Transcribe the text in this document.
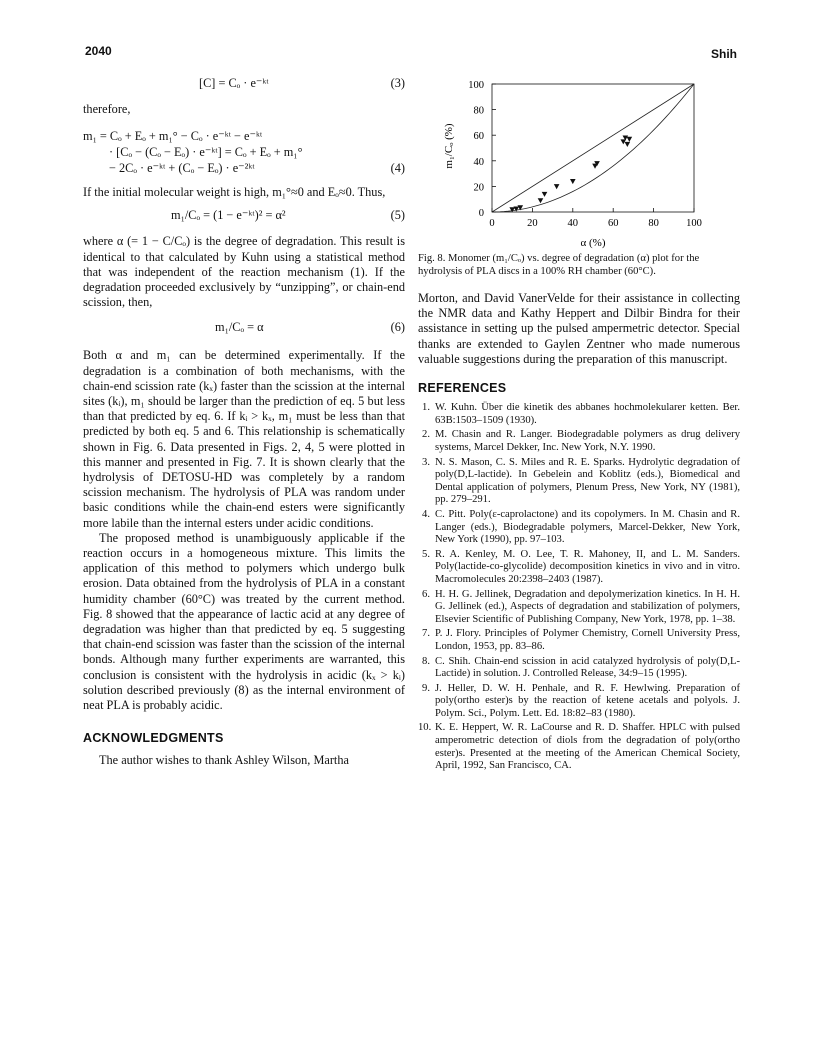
2040	Shih
[C] = Cₒ · e⁻ᵏᵗ	(3)

therefore,

m₁ = Cₒ + Eₒ + m₁° − Cₒ · e⁻ᵏᵗ − e⁻ᵏᵗ
· [Cₒ − (Cₒ − Eₒ) · e⁻ᵏᵗ] = Cₒ + Eₒ + m₁°
− 2Cₒ · e⁻ᵏᵗ + (Cₒ − Eₒ) · e⁻²ᵏᵗ	(4)

If the initial molecular weight is high, m₁°≈0 and Eₒ≈0. Thus,

m₁/Cₒ = (1 − e⁻ᵏᵗ)² = α²	(5)

where α (= 1 − C/Cₒ) is the degree of degradation. This result is identical to that calculated by Kuhn using a statistical method that was independent of the reaction mechanism (1). If the degradation proceeded exclusively by “unzipping”, or chain-end scission, then,

m₁/Cₒ = α	(6)

Both α and m₁ can be determined experimentally. If the degradation is a combination of both mechanisms, with the chain-end scission rate (kₓ) faster than the scission at the internal sites (kᵢ), m₁ should be larger than the prediction of eq. 5 but less than that predicted by eq. 6. If kᵢ > kₓ, m₁ must be less than that predicted by both eq. 5 and 6. This relationship is schematically shown in Fig. 6. Data presented in Figs. 2, 4, 5 were plotted in this manner and presented in Fig. 7. It is shown clearly that the hydrolysis of DETOSU-HD was completely by a random scission mechanism. The hydrolysis of PLA was random under basic conditions while the chain-end esters were significantly more labile than the internal esters under acidic conditions.

The proposed method is unambiguously applicable if the reaction occurs in a homogeneous mixture. This limits the application of this method to polymers which undergo bulk erosion. Data obtained from the hydrolysis of PLA in a constant humidity chamber (60°C) was treated by the current method. Fig. 8 showed that the appearance of lactic acid at any degree of degradation was higher than that predicted by eq. 5 suggesting that chain-end scission was faster than the scission of the internal bonds. Although many further experiments are warranted, this conclusion is consistent with the hydrolysis in acidic (kₓ > kᵢ) solution described previously (8) as the internal environment of neat PLA is probably acidic.

ACKNOWLEDGMENTS

The author wishes to thank Ashley Wilson, Martha

0
20
40
60
80
100
0	20	40	60	80	100
m₁/Cₒ (%)
α (%)

Fig. 8. Monomer (m₁/Cₒ) vs. degree of degradation (α) plot for the hydrolysis of PLA discs in a 100% RH chamber (60°C).

Morton, and David VanerVelde for their assistance in collecting the NMR data and Kathy Heppert and Dilbir Bindra for their assistance in setting up the pulsed ampermetric detector. Special thanks are extended to Gaylen Zentner who made numerous valuable suggestions during the preparation of this manuscript.

REFERENCES

1. W. Kuhn. Über die kinetik des abbanes hochmolekularer ketten. Ber. 63B:1503–1509 (1930).
2. M. Chasin and R. Langer. Biodegradable polymers as drug delivery systems, Marcel Dekker, Inc. New York, N.Y. 1990.
3. N. S. Mason, C. S. Miles and R. E. Sparks. Hydrolytic degradation of poly(D,L-lactide). In Gebelein and Koblitz (eds.), Biomedical and Dental application of polymers, Plenum Press, New York, NY (1981), pp. 279–291.
4. C. Pitt. Poly(ε-caprolactone) and its copolymers. In M. Chasin and R. Langer (eds.), Biodegradable polymers, Marcel-Dekker, New York, New York (1990), pp. 97–103.
5. R. A. Kenley, M. O. Lee, T. R. Mahoney, II, and L. M. Sanders. Poly(lactide-co-glycolide) decomposition kinetics in vivo and in vitro. Macromolecules 20:2398–2403 (1987).
6. H. H. G. Jellinek, Degradation and depolymerization kinetics. In H. H. G. Jellinek (ed.), Aspects of degradation and stabilization of polymers, Elsevier Scientific of Publishing Company, New York, 1978, pp. 1–38.
7. P. J. Flory. Principles of Polymer Chemistry, Cornell University Press, London, 1953, pp. 83–86.
8. C. Shih. Chain-end scission in acid catalyzed hydrolysis of poly(D,L-Lactide) in solution. J. Controlled Release, 34:9–15 (1995).
9. J. Heller, D. W. H. Penhale, and R. F. Hewlwing. Preparation of poly(ortho ester)s by the reaction of ketene acetals and polyols. J. Polym. Sci., Polym. Lett. Ed. 18:82–83 (1980).
10. K. E. Heppert, W. R. LaCourse and R. D. Shaffer. HPLC with pulsed amperometric detection of diols from the degradation of poly(ortho ester)s. Presented at the meeting of the American Chemical Society, April, 1992, San Francisco, CA.
